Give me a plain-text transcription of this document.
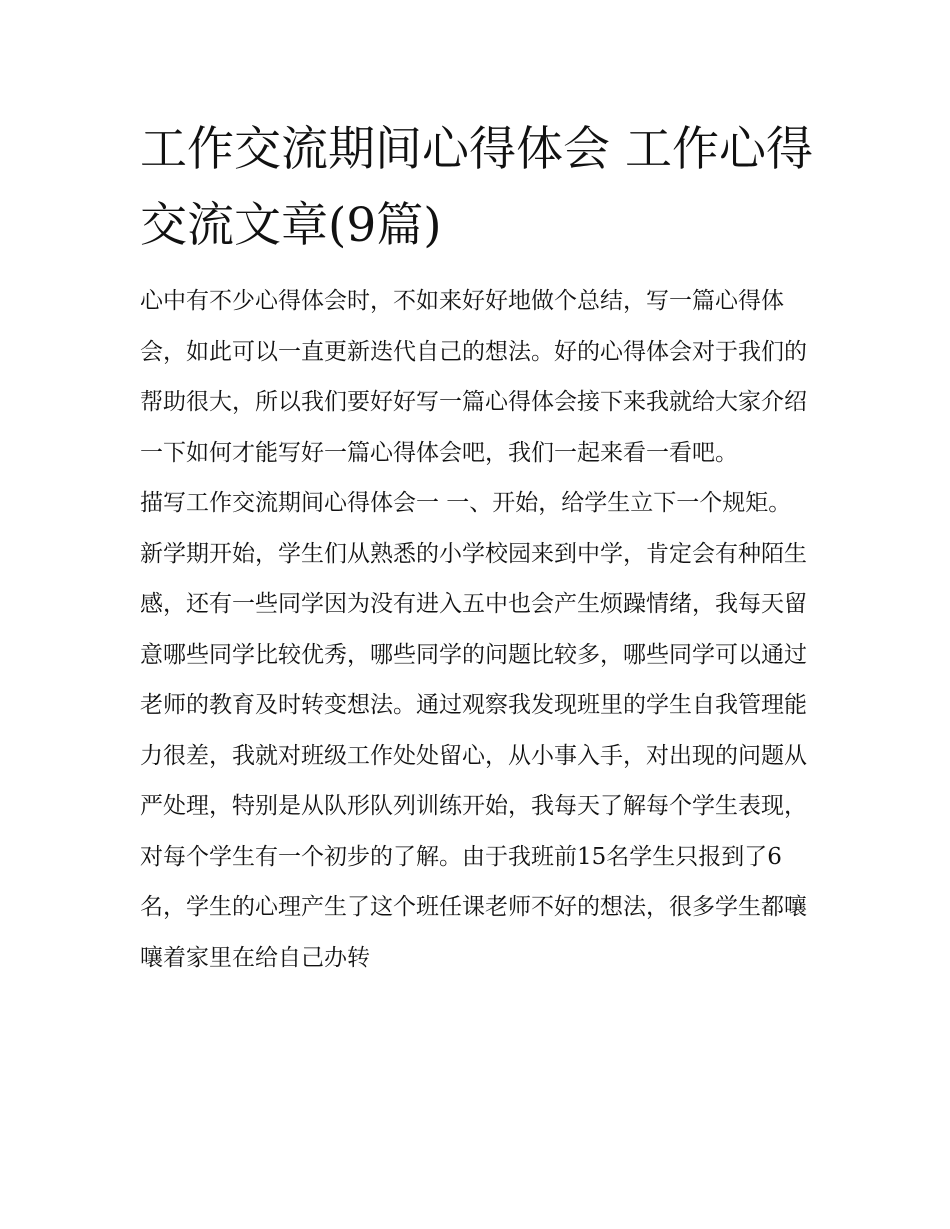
工作交流期间心得体会 工作心得交流文章(9篇)

心中有不少心得体会时，不如来好好地做个总结，写一篇心得体会，如此可以一直更新迭代自己的想法。好的心得体会对于我们的帮助很大，所以我们要好好写一篇心得体会接下来我就给大家介绍一下如何才能写好一篇心得体会吧，我们一起来看一看吧。

描写工作交流期间心得体会一 一、开始，给学生立下一个规矩。

新学期开始，学生们从熟悉的小学校园来到中学，肯定会有种陌生感，还有一些同学因为没有进入五中也会产生烦躁情绪，我每天留意哪些同学比较优秀，哪些同学的问题比较多，哪些同学可以通过老师的教育及时转变想法。通过观察我发现班里的学生自我管理能力很差，我就对班级工作处处留心，从小事入手，对出现的问题从严处理，特别是从队形队列训练开始，我每天了解每个学生表现，对每个学生有一个初步的了解。由于我班前15名学生只报到了6名，学生的心理产生了这个班任课老师不好的想法，很多学生都嚷嚷着家里在给自己办转
